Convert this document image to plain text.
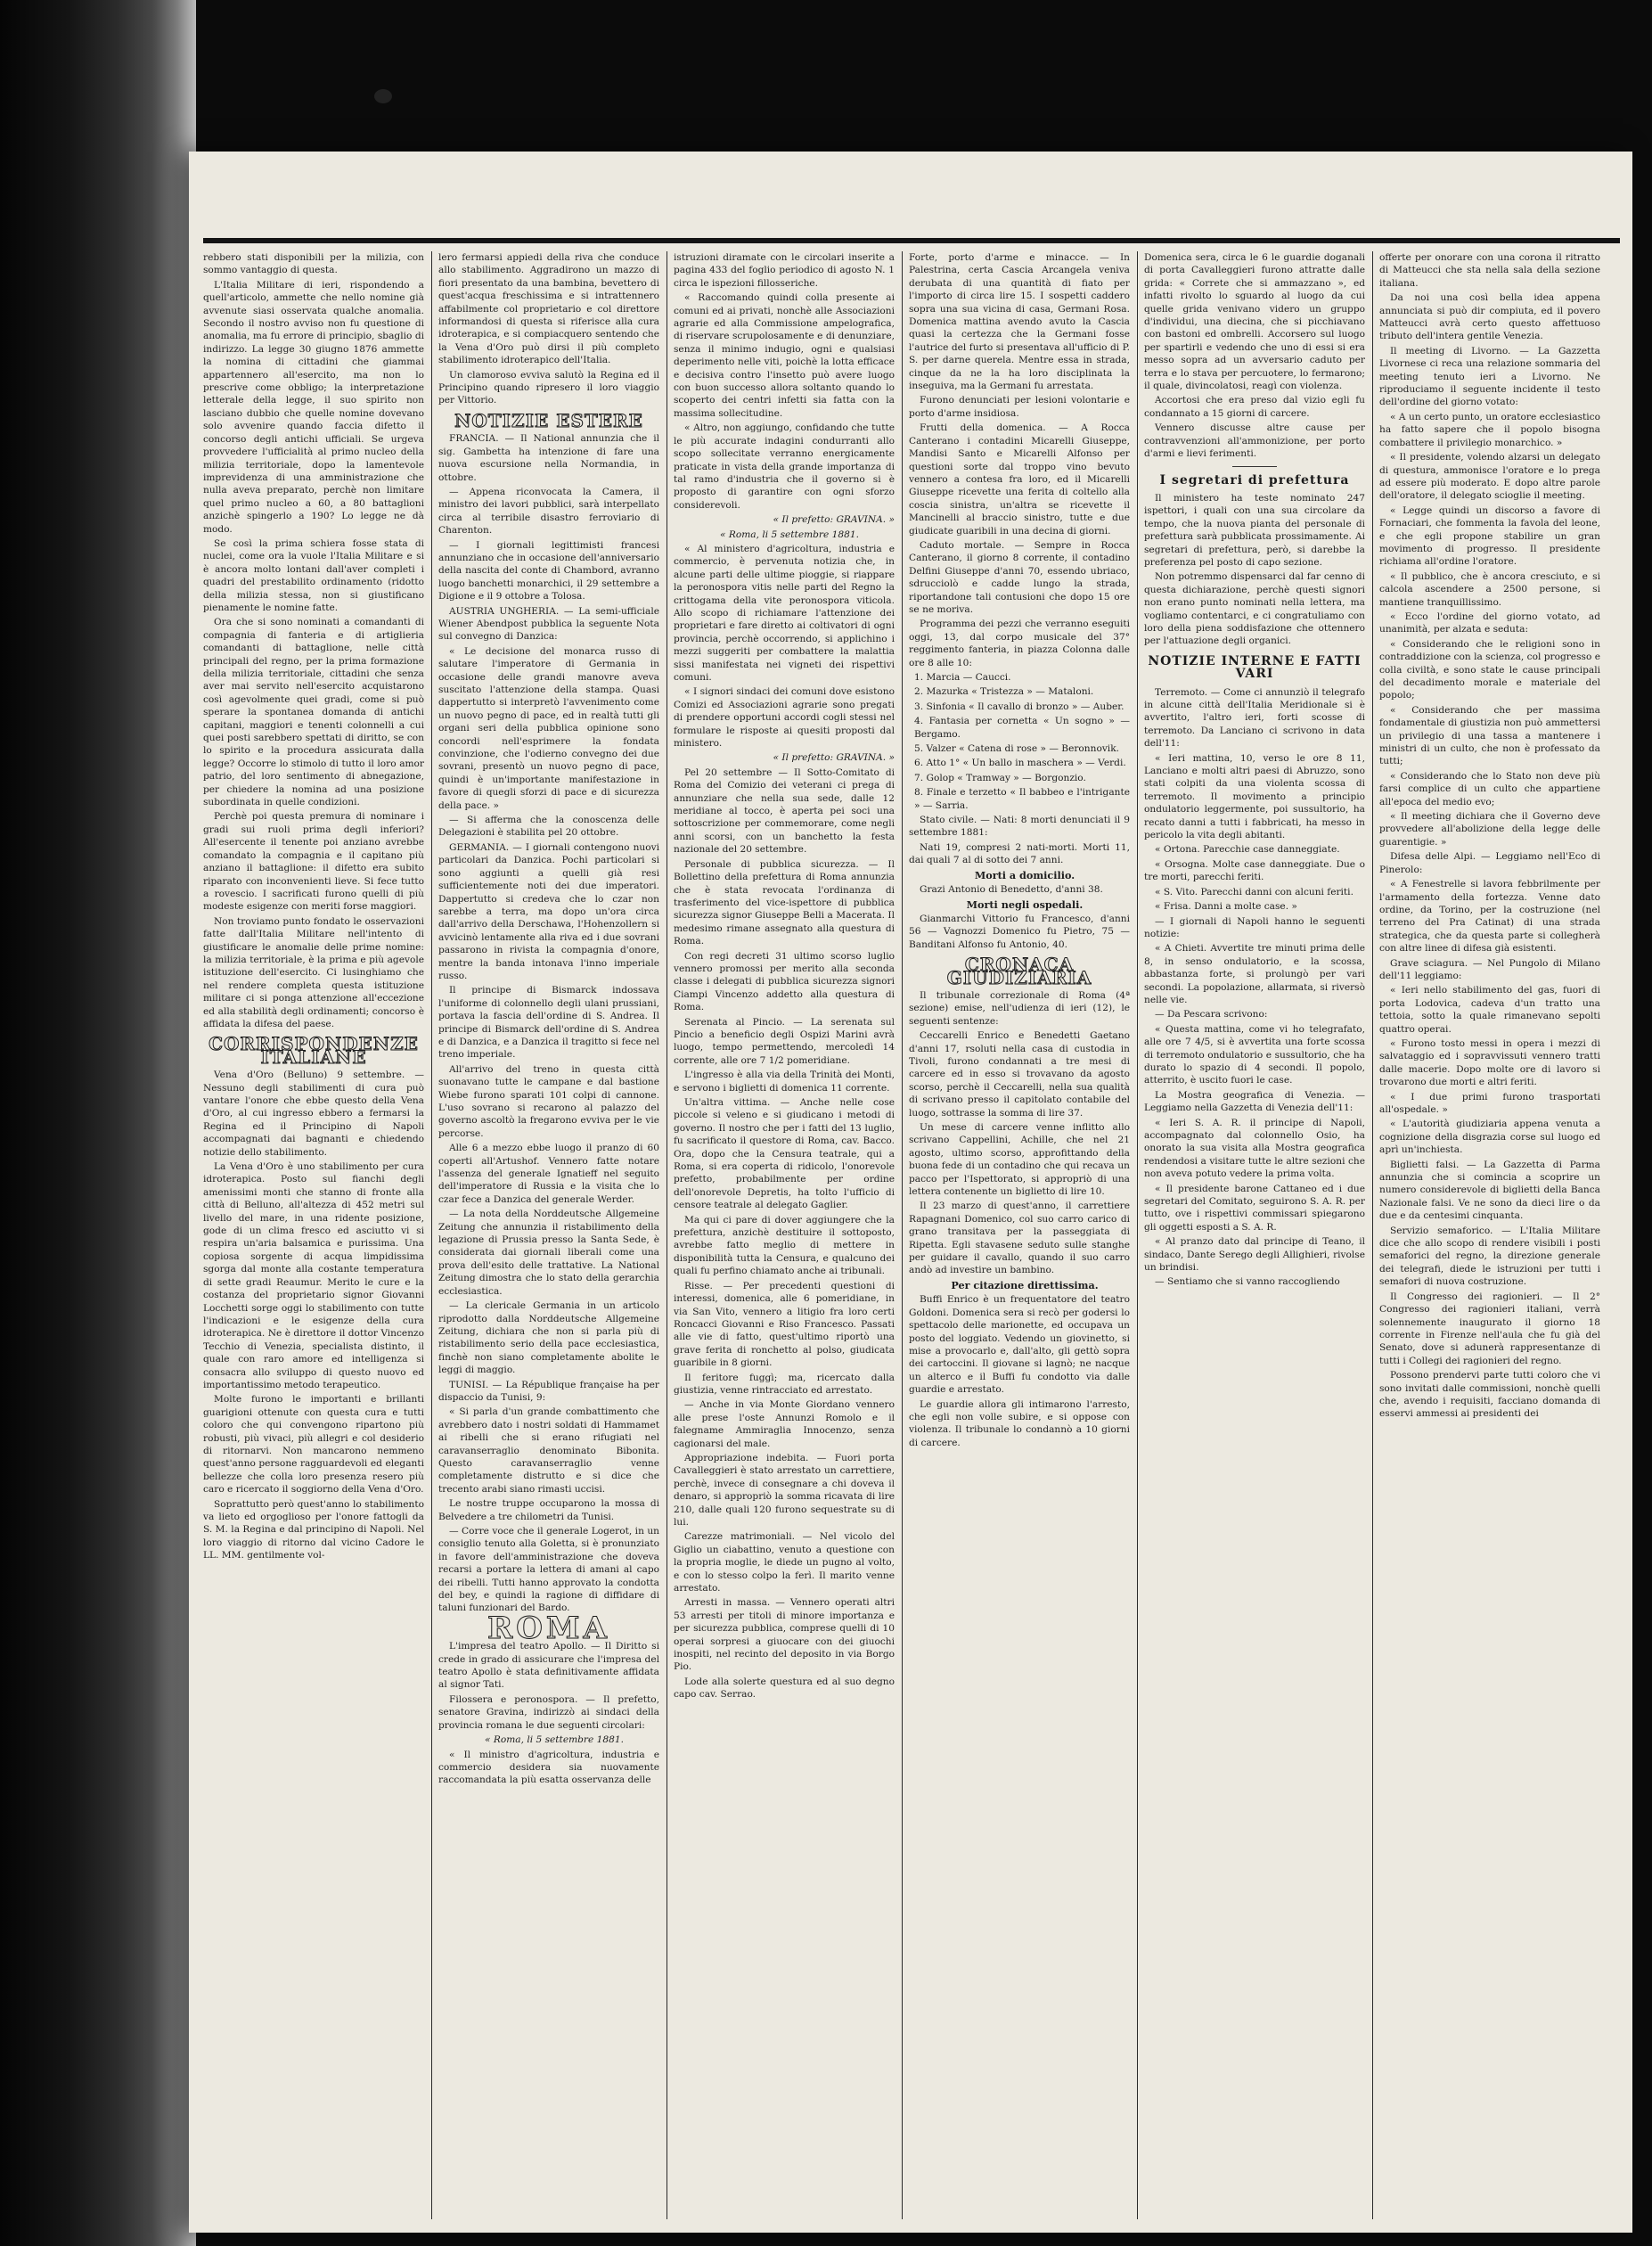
rebbero stati disponibili per la milizia, con sommo vantaggio di questa.

L'Italia Militare di ieri, rispondendo a quell'articolo, ammette che nello nomine già avvenute siasi osservata qualche anomalia. Secondo il nostro avviso non fu questione di anomalia, ma fu errore di principio, sbaglio di indirizzo. La legge 30 giugno 1876 ammette la nomina di cittadini che giammai appartennero all'esercito, ma non lo prescrive come obbligo; la interpretazione letterale della legge, il suo spirito non lasciano dubbio che quelle nomine dovevano solo avvenire quando faccia difetto il concorso degli antichi ufficiali. Se urgeva provvedere l'ufficialità al primo nucleo della milizia territoriale, dopo la lamentevole imprevidenza di una amministrazione che nulla aveva preparato, perchè non limitare quel primo nucleo a 60, a 80 battaglioni anzichè spingerlo a 190? Lo legge ne dà modo.

Se così la prima schiera fosse stata di nuclei, come ora la vuole l'Italia Militare e si è ancora molto lontani dall'aver completi i quadri del prestabilito ordinamento (ridotto della milizia stessa, non si giustificano pienamente le nomine fatte.

Ora che si sono nominati a comandanti di compagnia di fanteria e di artiglieria comandanti di battaglione, nelle città principali del regno, per la prima formazione della milizia territoriale, cittadini che senza aver mai servito nell'esercito acquistarono così agevolmente quei gradi, come si può sperare la spontanea domanda di antichi capitani, maggiori e tenenti colonnelli a cui quei posti sarebbero spettati di diritto, se con lo spirito e la procedura assicurata dalla legge? Occorre lo stimolo di tutto il loro amor patrio, del loro sentimento di abnegazione, per chiedere la nomina ad una posizione subordinata in quelle condizioni.

Perchè poi questa premura di nominare i gradi sui ruoli prima degli inferiori? All'esercente il tenente poi anziano avrebbe comandato la compagnia e il capitano più anziano il battaglione: il difetto era subito riparato con inconvenienti lieve. Si fece tutto a rovescio. I sacrificati furono quelli di più modeste esigenze con meriti forse maggiori.

Non troviamo punto fondato le osservazioni fatte dall'Italia Militare nell'intento di giustificare le anomalie delle prime nomine: la milizia territoriale, è la prima e più agevole istituzione dell'esercito. Ci lusinghiamo che nel rendere completa questa istituzione militare ci si ponga attenzione all'eccezione ed alla stabilità degli ordinamenti; concorso è affidata la difesa del paese.

CORRISPONDENZE ITALIANE

Vena d'Oro (Belluno) 9 settembre. — Nessuno degli stabilimenti di cura può vantare l'onore che ebbe questo della Vena d'Oro, al cui ingresso ebbero a fermarsi la Regina ed il Principino di Napoli accompagnati dai bagnanti e chiedendo notizie dello stabilimento.

La Vena d'Oro è uno stabilimento per cura idroterapica. Posto sul fianchi degli amenissimi monti che stanno di fronte alla città di Belluno, all'altezza di 452 metri sul livello del mare, in una ridente posizione, gode di un clima fresco ed asciutto vi si respira un'aria balsamica e purissima. Una copiosa sorgente di acqua limpidissima sgorga dal monte alla costante temperatura di sette gradi Reaumur. Merito le cure e la costanza del proprietario signor Giovanni Locchetti sorge oggi lo stabilimento con tutte l'indicazioni e le esigenze della cura idroterapica. Ne è direttore il dottor Vincenzo Tecchio di Venezia, specialista distinto, il quale con raro amore ed intelligenza si consacra allo sviluppo di questo nuovo ed importantissimo metodo terapeutico.

Molte furono le importanti e brillanti guarigioni ottenute con questa cura e tutti coloro che qui convengono ripartono più robusti, più vivaci, più allegri e col desiderio di ritornarvi. Non mancarono nemmeno quest'anno persone ragguardevoli ed eleganti bellezze che colla loro presenza resero più caro e ricercato il soggiorno della Vena d'Oro.

Soprattutto però quest'anno lo stabilimento va lieto ed orgoglioso per l'onore fattogli da S. M. la Regina e dal principino di Napoli. Nel loro viaggio di ritorno dal vicino Cadore le LL. MM. gentilmente vol-

lero fermarsi appiedi della riva che conduce allo stabilimento. Aggradirono un mazzo di fiori presentato da una bambina, bevettero di quest'acqua freschissima e si intrattennero affabilmente col proprietario e col direttore informandosi di questa si riferisce alla cura idroterapica, e si compiacquero sentendo che la Vena d'Oro può dirsi il più completo stabilimento idroterapico dell'Italia.

Un clamoroso evviva salutò la Regina ed il Principino quando ripresero il loro viaggio per Vittorio.

NOTIZIE ESTERE

FRANCIA. — Il National annunzia che il sig. Gambetta ha intenzione di fare una nuova escursione nella Normandia, in ottobre.

— Appena riconvocata la Camera, il ministro dei lavori pubblici, sarà interpellato circa al terribile disastro ferroviario di Charenton.

— I giornali legittimisti francesi annunziano che in occasione dell'anniversario della nascita del conte di Chambord, avranno luogo banchetti monarchici, il 29 settembre a Digione e il 9 ottobre a Tolosa.

AUSTRIA UNGHERIA. — La semi-ufficiale Wiener Abendpost pubblica la seguente Nota sul convegno di Danzica:

« Le decisione del monarca russo di salutare l'imperatore di Germania in occasione delle grandi manovre aveva suscitato l'attenzione della stampa. Quasi dappertutto si interpretò l'avvenimento come un nuovo pegno di pace, ed in realtà tutti gli organi seri della pubblica opinione sono concordi nell'esprimere la fondata convinzione, che l'odierno convegno dei due sovrani, presentò un nuovo pegno di pace, quindi è un'importante manifestazione in favore di quegli sforzi di pace e di sicurezza della pace. »

— Si afferma che la conoscenza delle Delegazioni è stabilita pel 20 ottobre.

GERMANIA. — I giornali contengono nuovi particolari da Danzica. Pochi particolari si sono aggiunti a quelli già resi sufficientemente noti dei due imperatori. Dappertutto si credeva che lo czar non sarebbe a terra, ma dopo un'ora circa dall'arrivo della Derschawa, l'Hohenzollern si avvicinò lentamente alla riva ed i due sovrani passarono in rivista la compagnia d'onore, mentre la banda intonava l'inno imperiale russo.

Il principe di Bismarck indossava l'uniforme di colonnello degli ulani prussiani, portava la fascia dell'ordine di S. Andrea. Il principe di Bismarck dell'ordine di S. Andrea e di Danzica, e a Danzica il tragitto si fece nel treno imperiale.

All'arrivo del treno in questa città suonavano tutte le campane e dal bastione Wiebe furono sparati 101 colpi di cannone. L'uso sovrano si recarono al palazzo del governo ascoltò la fregarono evviva per le vie percorse.

Alle 6 a mezzo ebbe luogo il pranzo di 60 coperti all'Artushof. Vennero fatte notare l'assenza del generale Ignatieff nel seguito dell'imperatore di Russia e la visita che lo czar fece a Danzica del generale Werder.

— La nota della Norddeutsche Allgemeine Zeitung che annunzia il ristabilimento della legazione di Prussia presso la Santa Sede, è considerata dai giornali liberali come una prova dell'esito delle trattative. La National Zeitung dimostra che lo stato della gerarchia ecclesiastica.

— La clericale Germania in un articolo riprodotto dalla Norddeutsche Allgemeine Zeitung, dichiara che non si parla più di ristabilimento serio della pace ecclesiastica, finchè non siano completamente abolite le leggi di maggio.

TUNISI. — La République française ha per dispaccio da Tunisi, 9:

« Si parla d'un grande combattimento che avrebbero dato i nostri soldati di Hammamet ai ribelli che si erano rifugiati nel caravanserraglio denominato Bibonita. Questo caravanserraglio venne completamente distrutto e si dice che trecento arabi siano rimasti uccisi.

Le nostre truppe occuparono la mossa di Belvedere a tre chilometri da Tunisi.

— Corre voce che il generale Logerot, in un consiglio tenuto alla Goletta, si è pronunziato in favore dell'amministrazione che doveva recarsi a portare la lettera di amani al capo dei ribelli. Tutti hanno approvato la condotta del bey, e quindi la ragione di diffidare di taluni funzionari del Bardo.

ROMA

L'impresa del teatro Apollo. — Il Diritto si crede in grado di assicurare che l'impresa del teatro Apollo è stata definitivamente affidata al signor Tati.

Filossera e peronospora. — Il prefetto, senatore Gravina, indirizzò ai sindaci della provincia romana le due seguenti circolari:

« Roma, li 5 settembre 1881.

« Il ministro d'agricoltura, industria e commercio desidera sia nuovamente raccomandata la più esatta osservanza delle

istruzioni diramate con le circolari inserite a pagina 433 del foglio periodico di agosto N. 1 circa le ispezioni fillosseriche.

« Raccomando quindi colla presente ai comuni ed ai privati, nonchè alle Associazioni agrarie ed alla Commissione ampelografica, di riservare scrupolosamente e di denunziare, senza il minimo indugio, ogni e qualsiasi deperimento nelle viti, poichè la lotta efficace e decisiva contro l'insetto può avere luogo con buon successo allora soltanto quando lo scoperto dei centri infetti sia fatta con la massima sollecitudine.

« Altro, non aggiungo, confidando che tutte le più accurate indagini condurranti allo scopo sollecitate verranno energicamente praticate in vista della grande importanza di tal ramo d'industria che il governo si è proposto di garantire con ogni sforzo considerevoli.

« Il prefetto: GRAVINA. »

« Roma, li 5 settembre 1881.

« Al ministero d'agricoltura, industria e commercio, è pervenuta notizia che, in alcune parti delle ultime pioggie, si riappare la peronospora vitis nelle parti del Regno la crittogama della vite peronospora viticola. Allo scopo di richiamare l'attenzione dei proprietari e fare diretto ai coltivatori di ogni provincia, perchè occorrendo, si applichino i mezzi suggeriti per combattere la malattia sissi manifestata nei vigneti dei rispettivi comuni.

« I signori sindaci dei comuni dove esistono Comizi ed Associazioni agrarie sono pregati di prendere opportuni accordi cogli stessi nel formulare le risposte ai quesiti proposti dal ministero.

« Il prefetto: GRAVINA. »

Pel 20 settembre — Il Sotto-Comitato di Roma del Comizio dei veterani ci prega di annunziare che nella sua sede, dalle 12 meridiane al tocco, è aperta pei soci una sottoscrizione per commemorare, come negli anni scorsi, con un banchetto la festa nazionale del 20 settembre.

Personale di pubblica sicurezza. — Il Bollettino della prefettura di Roma annunzia che è stata revocata l'ordinanza di trasferimento del vice-ispettore di pubblica sicurezza signor Giuseppe Belli a Macerata. Il medesimo rimane assegnato alla questura di Roma.

Con regi decreti 31 ultimo scorso luglio vennero promossi per merito alla seconda classe i delegati di pubblica sicurezza signori Ciampi Vincenzo addetto alla questura di Roma.

Serenata al Pincio. — La serenata sul Pincio a beneficio degli Ospizi Marini avrà luogo, tempo permettendo, mercoledì 14 corrente, alle ore 7 1/2 pomeridiane.

L'ingresso è alla via della Trinità dei Monti, e servono i biglietti di domenica 11 corrente.

Un'altra vittima. — Anche nelle cose piccole si veleno e si giudicano i metodi di governo. Il nostro che per i fatti del 13 luglio, fu sacrificato il questore di Roma, cav. Bacco. Ora, dopo che la Censura teatrale, qui a Roma, si era coperta di ridicolo, l'onorevole prefetto, probabilmente per ordine dell'onorevole Depretis, ha tolto l'ufficio di censore teatrale al delegato Gaglier.

Ma qui ci pare di dover aggiungere che la prefettura, anzichè destituire il sottoposto, avrebbe fatto meglio di mettere in disponibilità tutta la Censura, e qualcuno dei quali fu perfino chiamato anche ai tribunali.

Risse. — Per precedenti questioni di interessi, domenica, alle 6 pomeridiane, in via San Vito, vennero a litigio fra loro certi Roncacci Giovanni e Riso Francesco. Passati alle vie di fatto, quest'ultimo riportò una grave ferita di ronchetto al polso, giudicata guaribile in 8 giorni.

Il feritore fuggì; ma, ricercato dalla giustizia, venne rintracciato ed arrestato.

— Anche in via Monte Giordano vennero alle prese l'oste Annunzi Romolo e il falegname Ammiraglia Innocenzo, senza cagionarsi del male.

Appropriazione indebita. — Fuori porta Cavalleggieri è stato arrestato un carrettiere, perchè, invece di consegnare a chi doveva il denaro, si appropriò la somma ricavata di lire 210, dalle quali 120 furono sequestrate su di lui.

Carezze matrimoniali. — Nel vicolo del Giglio un ciabattino, venuto a questione con la propria moglie, le diede un pugno al volto, e con lo stesso colpo la ferì. Il marito venne arrestato.

Arresti in massa. — Vennero operati altri 53 arresti per titoli di minore importanza e per sicurezza pubblica, comprese quelli di 10 operai sorpresi a giuocare con dei giuochi inospiti, nel recinto del deposito in via Borgo Pio.

Lode alla solerte questura ed al suo degno capo cav. Serrao.

Forte, porto d'arme e minacce. — In Palestrina, certa Cascia Arcangela veniva derubata di una quantità di fiato per l'importo di circa lire 15. I sospetti caddero sopra una sua vicina di casa, Germani Rosa. Domenica mattina avendo avuto la Cascia quasi la certezza che la Germani fosse l'autrice del furto si presentava all'ufficio di P. S. per darne querela. Mentre essa in strada, cinque da ne la ha loro disciplinata la inseguiva, ma la Germani fu arrestata.

Furono denunciati per lesioni volontarie e porto d'arme insidiosa.

Frutti della domenica. — A Rocca Canterano i contadini Micarelli Giuseppe, Mandisi Santo e Micarelli Alfonso per questioni sorte dal troppo vino bevuto vennero a contesa fra loro, ed il Micarelli Giuseppe ricevette una ferita di coltello alla coscia sinistra, un'altra se ricevette il Mancinelli al braccio sinistro, tutte e due giudicate guaribili in una decina di giorni.

Caduto mortale. — Sempre in Rocca Canterano, il giorno 8 corrente, il contadino Delfini Giuseppe d'anni 70, essendo ubriaco, sdrucciolò e cadde lungo la strada, riportandone tali contusioni che dopo 15 ore se ne moriva.

Programma dei pezzi che verranno eseguiti oggi, 13, dal corpo musicale del 37° reggimento fanteria, in piazza Colonna dalle ore 8 alle 10:

1. Marcia — Caucci.

2. Mazurka « Tristezza » — Mataloni.

3. Sinfonia « Il cavallo di bronzo » — Auber.

4. Fantasia per cornetta « Un sogno » — Bergamo.

5. Valzer « Catena di rose » — Beronnovik.

6. Atto 1° « Un ballo in maschera » — Verdi.

7. Golop « Tramway » — Borgonzio.

8. Finale e terzetto « Il babbeo e l'intrigante » — Sarria.

Stato civile. — Nati: 8 morti denunciati il 9 settembre 1881:

Nati 19, compresi 2 nati-morti. Morti 11, dai quali 7 al di sotto dei 7 anni.

Morti a domicilio.

Grazi Antonio di Benedetto, d'anni 38.

Morti negli ospedali.

Gianmarchi Vittorio fu Francesco, d'anni 56 — Vagnozzi Domenico fu Pietro, 75 — Banditani Alfonso fu Antonio, 40.

CRONACA GIUDIZIARIA

Il tribunale correzionale di Roma (4ª sezione) emise, nell'udienza di ieri (12), le seguenti sentenze:

Ceccarelli Enrico e Benedetti Gaetano d'anni 17, rsoluti nella casa di custodia in Tivoli, furono condannati a tre mesi di carcere ed in esso si trovavano da agosto scorso, perchè il Ceccarelli, nella sua qualità di scrivano presso il capitolato contabile del luogo, sottrasse la somma di lire 37.

Un mese di carcere venne inflitto allo scrivano Cappellini, Achille, che nel 21 agosto, ultimo scorso, approfittando della buona fede di un contadino che qui recava un pacco per l'Ispettorato, si appropriò di una lettera contenente un biglietto di lire 10.

Il 23 marzo di quest'anno, il carrettiere Rapagnani Domenico, col suo carro carico di grano transitava per la passeggiata di Ripetta. Egli stavasene seduto sulle stanghe per guidare il cavallo, quando il suo carro andò ad investire un bambino.

Per citazione direttissima.

Buffi Enrico è un frequentatore del teatro Goldoni. Domenica sera si recò per godersi lo spettacolo delle marionette, ed occupava un posto del loggiato. Vedendo un giovinetto, si mise a provocarlo e, dall'alto, gli gettò sopra dei cartoccini. Il giovane si lagnò; ne nacque un alterco e il Buffi fu condotto via dalle guardie e arrestato.

Le guardie allora gli intimarono l'arresto, che egli non volle subire, e si oppose con violenza. Il tribunale lo condannò a 10 giorni di carcere.

Domenica sera, circa le 6 le guardie doganali di porta Cavalleggieri furono attratte dalle grida: « Correte che si ammazzano », ed infatti rivolto lo sguardo al luogo da cui quelle grida venivano videro un gruppo d'individui, una diecina, che si picchiavano con bastoni ed ombrelli. Accorsero sul luogo per spartirli e vedendo che uno di essi si era messo sopra ad un avversario caduto per terra e lo stava per percuotere, lo fermarono; il quale, divincolatosi, reagì con violenza.

Accortosi che era preso dal vizio egli fu condannato a 15 giorni di carcere.

Vennero discusse altre cause per contravvenzioni all'ammonizione, per porto d'armi e lievi ferimenti.

I segretari di prefettura

Il ministero ha teste nominato 247 ispettori, i quali con una sua circolare da tempo, che la nuova pianta del personale di prefettura sarà pubblicata prossimamente. Ai segretari di prefettura, però, si darebbe la preferenza pel posto di capo sezione.

Non potremmo dispensarci dal far cenno di questa dichiarazione, perchè questi signori non erano punto nominati nella lettera, ma vogliamo contentarci, e ci congratuliamo con loro della piena soddisfazione che ottennero per l'attuazione degli organici.

NOTIZIE INTERNE E FATTI VARI

Terremoto. — Come ci annunziò il telegrafo in alcune città dell'Italia Meridionale si è avvertito, l'altro ieri, forti scosse di terremoto. Da Lanciano ci scrivono in data dell'11:

« Ieri mattina, 10, verso le ore 8 11, Lanciano e molti altri paesi di Abruzzo, sono stati colpiti da una violenta scossa di terremoto. Il movimento a principio ondulatorio leggermente, poi sussultorio, ha recato danni a tutti i fabbricati, ha messo in pericolo la vita degli abitanti.

« Ortona. Parecchie case danneggiate.

« Orsogna. Molte case danneggiate. Due o tre morti, parecchi feriti.

« S. Vito. Parecchi danni con alcuni feriti.

« Frisa. Danni a molte case. »

— I giornali di Napoli hanno le seguenti notizie:

« A Chieti. Avvertite tre minuti prima delle 8, in senso ondulatorio, e la scossa, abbastanza forte, si prolungò per vari secondi. La popolazione, allarmata, si riversò nelle vie.

— Da Pescara scrivono:

« Questa mattina, come vi ho telegrafato, alle ore 7 4/5, si è avvertita una forte scossa di terremoto ondulatorio e sussultorio, che ha durato lo spazio di 4 secondi. Il popolo, atterrito, è uscito fuori le case.

La Mostra geografica di Venezia. — Leggiamo nella Gazzetta di Venezia dell'11:

« Ieri S. A. R. il principe di Napoli, accompagnato dal colonnello Osio, ha onorato la sua visita alla Mostra geografica rendendosi a visitare tutte le altre sezioni che non aveva potuto vedere la prima volta.

« Il presidente barone Cattaneo ed i due segretari del Comitato, seguirono S. A. R. per tutto, ove i rispettivi commissari spiegarono gli oggetti esposti a S. A. R.

« Al pranzo dato dal principe di Teano, il sindaco, Dante Serego degli Allighieri, rivolse un brindisi.

— Sentiamo che si vanno raccogliendo

offerte per onorare con una corona il ritratto di Matteucci che sta nella sala della sezione italiana.

Da noi una così bella idea appena annunciata si può dir compiuta, ed il povero Matteucci avrà certo questo affettuoso tributo dell'intera gentile Venezia.

Il meeting di Livorno. — La Gazzetta Livornese ci reca una relazione sommaria del meeting tenuto ieri a Livorno. Ne riproduciamo il seguente incidente il testo dell'ordine del giorno votato:

« A un certo punto, un oratore ecclesiastico ha fatto sapere che il popolo bisogna combattere il privilegio monarchico. »

« Il presidente, volendo alzarsi un delegato di questura, ammonisce l'oratore e lo prega ad essere più moderato. E dopo altre parole dell'oratore, il delegato scioglie il meeting.

« Legge quindi un discorso a favore di Fornaciari, che fommenta la favola del leone, e che egli propone stabilire un gran movimento di progresso. Il presidente richiama all'ordine l'oratore.

« Il pubblico, che è ancora cresciuto, e si calcola ascendere a 2500 persone, si mantiene tranquillissimo.

« Ecco l'ordine del giorno votato, ad unanimità, per alzata e seduta:

« Considerando che le religioni sono in contraddizione con la scienza, col progresso e colla civiltà, e sono state le cause principali del decadimento morale e materiale del popolo;

« Considerando che per massima fondamentale di giustizia non può ammettersi un privilegio di una tassa a mantenere i ministri di un culto, che non è professato da tutti;

« Considerando che lo Stato non deve più farsi complice di un culto che appartiene all'epoca del medio evo;

« Il meeting dichiara che il Governo deve provvedere all'abolizione della legge delle guarentigie. »

Difesa delle Alpi. — Leggiamo nell'Eco di Pinerolo:

« A Fenestrelle si lavora febbrilmente per l'armamento della fortezza. Venne dato ordine, da Torino, per la costruzione (nel terreno del Pra Catinat) di una strada strategica, che da questa parte si collegherà con altre linee di difesa già esistenti.

Grave sciagura. — Nel Pungolo di Milano dell'11 leggiamo:

« Ieri nello stabilimento del gas, fuori di porta Lodovica, cadeva d'un tratto una tettoia, sotto la quale rimanevano sepolti quattro operai.

« Furono tosto messi in opera i mezzi di salvataggio ed i sopravvissuti vennero tratti dalle macerie. Dopo molte ore di lavoro si trovarono due morti e altri feriti.

« I due primi furono trasportati all'ospedale. »

« L'autorità giudiziaria appena venuta a cognizione della disgrazia corse sul luogo ed aprì un'inchiesta.

Biglietti falsi. — La Gazzetta di Parma annunzia che si comincia a scoprire un numero considerevole di biglietti della Banca Nazionale falsi. Ve ne sono da dieci lire o da due e da centesimi cinquanta.

Servizio semaforico. — L'Italia Militare dice che allo scopo di rendere visibili i posti semaforici del regno, la direzione generale dei telegrafi, diede le istruzioni per tutti i semafori di nuova costruzione.

Il Congresso dei ragionieri. — Il 2° Congresso dei ragionieri italiani, verrà solennemente inaugurato il giorno 18 corrente in Firenze nell'aula che fu già del Senato, dove si adunerà rappresentanze di tutti i Collegi dei ragionieri del regno.

Possono prendervi parte tutti coloro che vi sono invitati dalle commissioni, nonchè quelli che, avendo i requisiti, facciano domanda di esservi ammessi ai presidenti dei
